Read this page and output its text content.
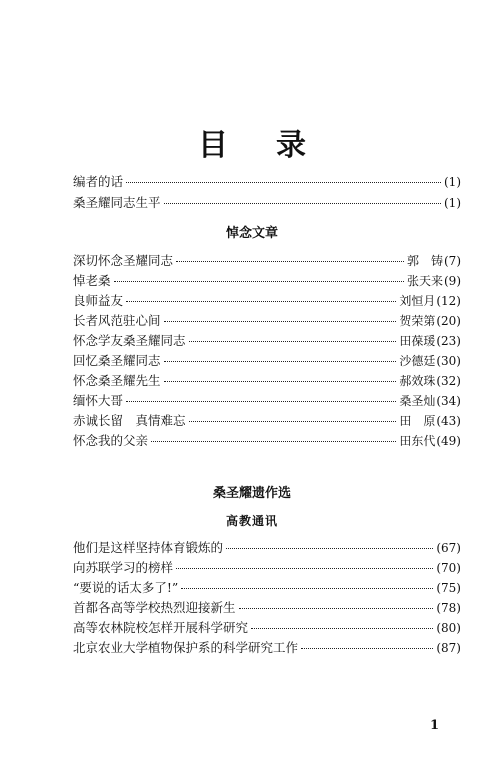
目 录
编者的话	(1)
桑圣耀同志生平	(1)
悼念文章
深切怀念圣耀同志	郭　铸 (7)
悼老桑	张天来 (9)
良师益友	刘恒月 (12)
长者风范驻心间	贺荣第 (20)
怀念学友桑圣耀同志	田葆瑗 (23)
回忆桑圣耀同志	沙德廷 (30)
怀念桑圣耀先生	郝效珠 (32)
缅怀大哥	桑圣灿 (34)
赤诚长留　真情难忘	田　原 (43)
怀念我的父亲	田东代 (49)
桑圣耀遗作选
高教通讯
他们是这样坚持体育锻炼的	(67)
向苏联学习的榜样	(70)
“要说的话太多了!”	(75)
首都各高等学校热烈迎接新生	(78)
高等农林院校怎样开展科学研究	(80)
北京农业大学植物保护系的科学研究工作	(87)
1
